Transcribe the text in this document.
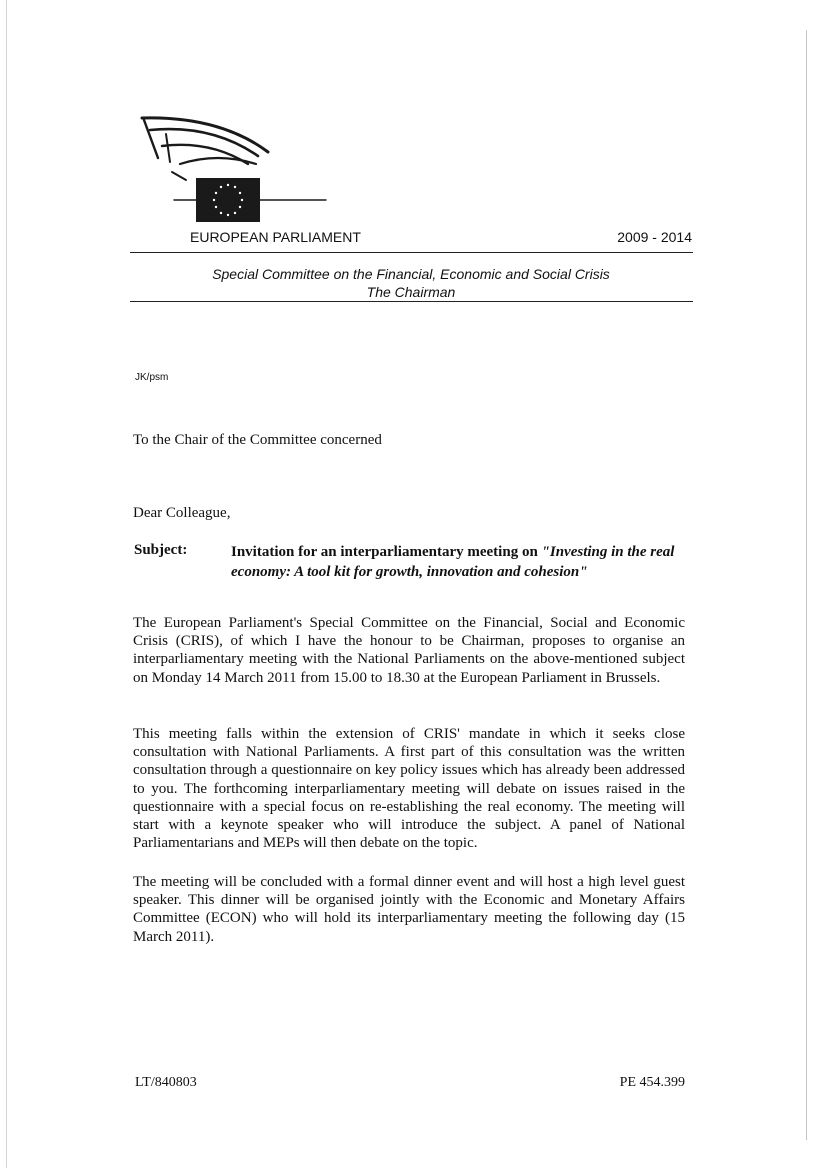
EUROPEAN PARLIAMENT	2009 - 2014
Special Committee on the Financial, Economic and Social Crisis
The Chairman
JK/psm
To the Chair of the Committee concerned
Dear Colleague,
Subject:	Invitation for an interparliamentary meeting on "Investing in the real economy: A tool kit for growth, innovation and cohesion"

The European Parliament's Special Committee on the Financial, Social and Economic Crisis (CRIS), of which I have the honour to be Chairman, proposes to organise an interparliamentary meeting with the National Parliaments on the above-mentioned subject on Monday 14 March 2011 from 15.00 to 18.30 at the European Parliament in Brussels.

This meeting falls within the extension of CRIS' mandate in which it seeks close consultation with National Parliaments. A first part of this consultation was the written consultation through a questionnaire on key policy issues which has already been addressed to you. The forthcoming interparliamentary meeting will debate on issues raised in the questionnaire with a special focus on re-establishing the real economy. The meeting will start with a keynote speaker who will introduce the subject. A panel of National Parliamentarians and MEPs will then debate on the topic.

The meeting will be concluded with a formal dinner event and will host a high level guest speaker. This dinner will be organised jointly with the Economic and Monetary Affairs Committee (ECON) who will hold its interparliamentary meeting the following day (15 March 2011).

LT/840803	PE 454.399
